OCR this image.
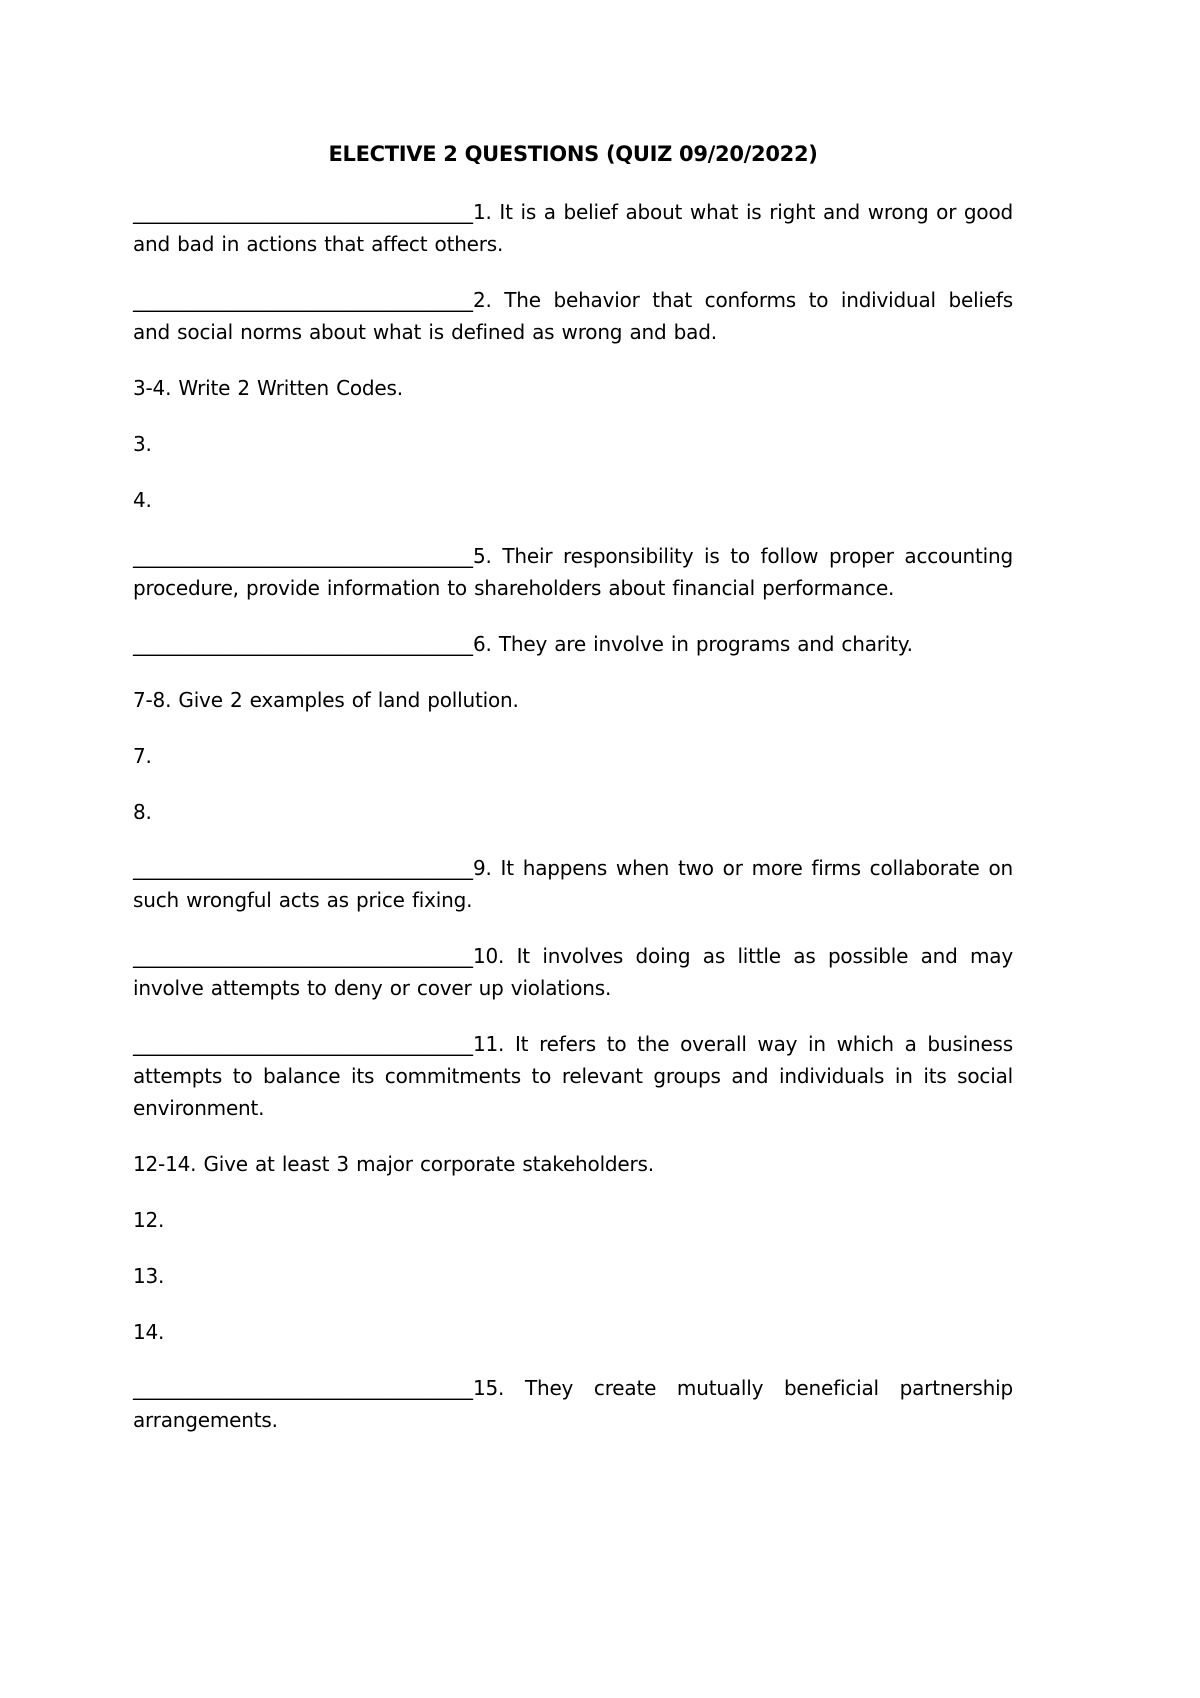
ELECTIVE 2 QUESTIONS (QUIZ 09/20/2022)

__________________________________1. It is a belief about what is right and wrong or good and bad in actions that affect others.

__________________________________2. The behavior that conforms to individual beliefs and social norms about what is defined as wrong and bad.

3-4. Write 2 Written Codes.

3.

4.

__________________________________5. Their responsibility is to follow proper accounting procedure, provide information to shareholders about financial performance.

__________________________________6. They are involve in programs and charity.

7-8. Give 2 examples of land pollution.

7.

8.

__________________________________9. It happens when two or more firms collaborate on such wrongful acts as price fixing.

__________________________________10. It involves doing as little as possible and may involve attempts to deny or cover up violations.

__________________________________11. It refers to the overall way in which a business attempts to balance its commitments to relevant groups and individuals in its social environment.

12-14. Give at least 3 major corporate stakeholders.

12.

13.

14.

__________________________________15. They create mutually beneficial partnership arrangements.
